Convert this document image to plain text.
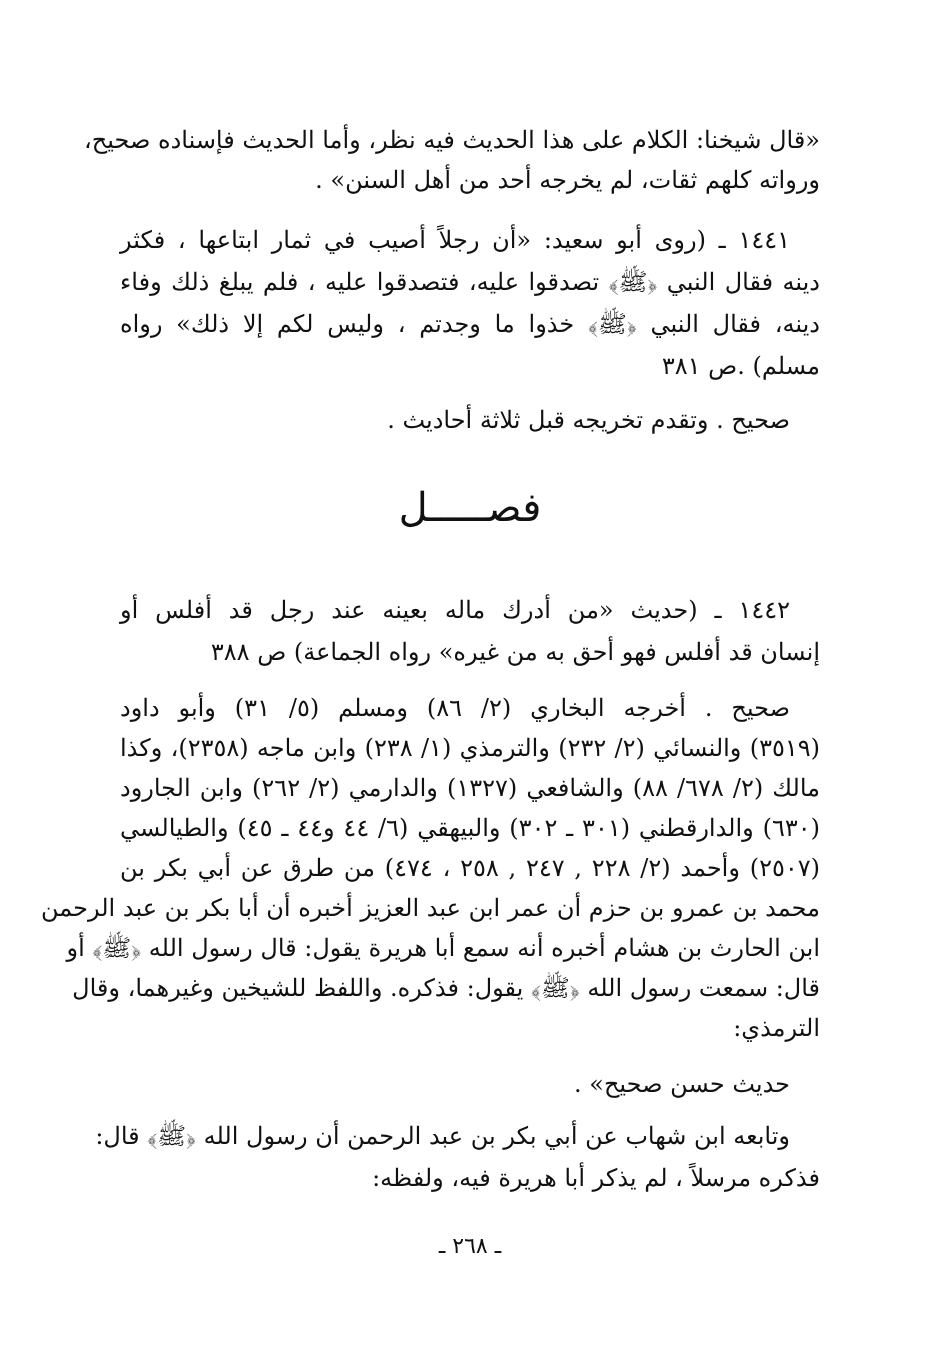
«قال شيخنا: الكلام على هذا الحديث فيه نظر، وأما الحديث فإسناده صحيح،
ورواته كلهم ثقات، لم يخرجه أحد من أهل السنن» .
١٤٤١ ـ (روى أبو سعيد: «أن رجلاً أصيب في ثمار ابتاعها ، فكثر
دينه فقال النبي ﴿ﷺ﴾ تصدقوا عليه، فتصدقوا عليه ، فلم يبلغ ذلك وفاء
دينه، فقال النبي ﴿ﷺ﴾ خذوا ما وجدتم ، وليس لكم إلا ذلك» رواه
مسلم) .ص ٣٨١
صحيح . وتقدم تخريجه قبل ثلاثة أحاديث .
فصـــــل
١٤٤٢ ـ (حديث «من أدرك ماله بعينه عند رجل قد أفلس أو
إنسان قد أفلس فهو أحق به من غيره» رواه الجماعة) ص ٣٨٨
صحيح . أخرجه البخاري (٢/ ٨٦) ومسلم (٥/ ٣١) وأبو داود
(٣٥١٩) والنسائي (٢/ ٢٣٢) والترمذي (١/ ٢٣٨) وابن ماجه (٢٣٥٨)، وكذا
مالك (٢/ ٦٧٨/ ٨٨) والشافعي (١٣٢٧) والدارمي (٢/ ٢٦٢) وابن الجارود
(٦٣٠) والدارقطني (٣٠١ ـ ٣٠٢) والبيهقي (٦/ ٤٤ و٤٤ ـ ٤٥) والطيالسي
(٢٥٠٧) وأحمد (٢/ ٢٢٨ , ٢٤٧ , ٢٥٨ ، ٤٧٤) من طرق عن أبي بكر بن
محمد بن عمرو بن حزم أن عمر ابن عبد العزيز أخبره أن أبا بكر بن عبد الرحمن
ابن الحارث بن هشام أخبره أنه سمع أبا هريرة يقول: قال رسول الله ﴿ﷺ﴾ أو
قال: سمعت رسول الله ﴿ﷺ﴾ يقول: فذكره. واللفظ للشيخين وغيرهما، وقال
الترمذي:
حديث حسن صحيح» .
وتابعه ابن شهاب عن أبي بكر بن عبد الرحمن أن رسول الله ﴿ﷺ﴾ قال:
فذكره مرسلاً ، لم يذكر أبا هريرة فيه، ولفظه:
ـ ٢٦٨ ـ
